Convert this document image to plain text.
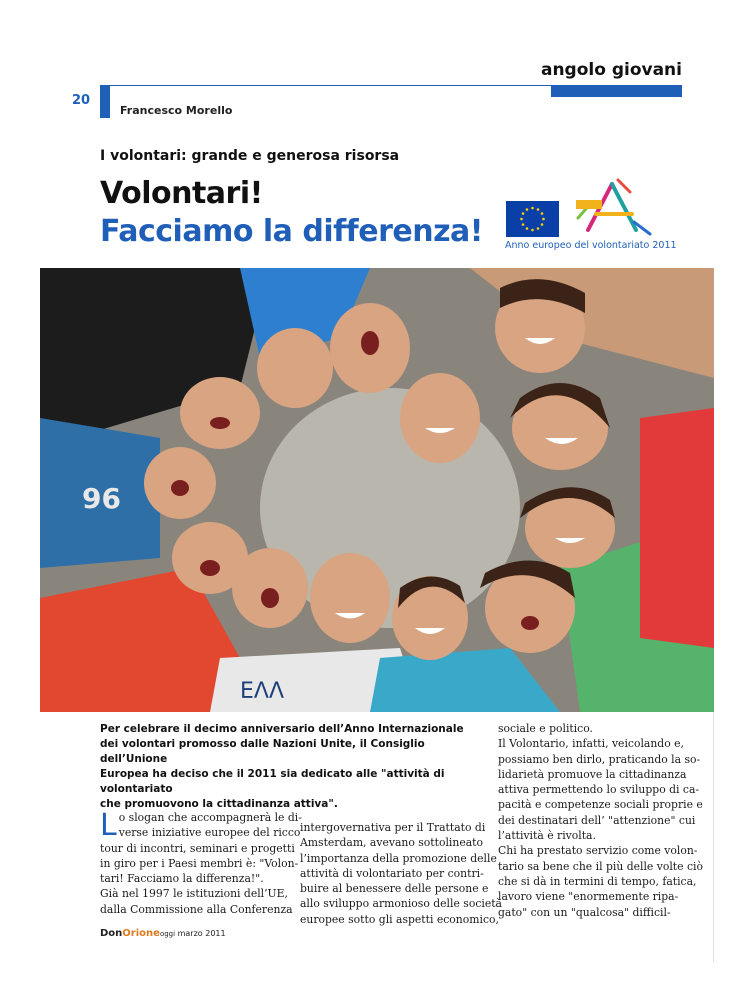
angolo giovani
20
Francesco Morello
I volontari: grande e generosa risorsa
Volontari!
Facciamo la differenza! Anno europeo del volontariato 2011
96
ΕΛΛ
Per celebrare il decimo anniversario dell’Anno Internazionale
dei volontari promosso dalle Nazioni Unite, il Consiglio dell’Unione
Europea ha deciso che il 2011 sia dedicato alle "attività di volontariato
che promuovono la cittadinanza attiva".
L o slogan che accompagnerà le di-
verse iniziative europee del ricco
tour di incontri, seminari e progetti
in giro per i Paesi membri è: "Volon-
tari! Facciamo la differenza!".
Già nel 1997 le istituzioni dell’UE,
dalla Commissione alla Conferenza
intergovernativa per il Trattato di
Amsterdam, avevano sottolineato
l’importanza della promozione delle
attività di volontariato per contri-
buire al benessere delle persone e
allo sviluppo armonioso delle società
europee sotto gli aspetti economico,
sociale e politico.
Il Volontario, infatti, veicolando e,
possiamo ben dirlo, praticando la so-
lidarietà promuove la cittadinanza
attiva permettendo lo sviluppo di ca-
pacità e competenze sociali proprie e
dei destinatari dell’ "attenzione" cui
l’attività è rivolta.
Chi ha prestato servizio come volon-
tario sa bene che il più delle volte ciò
che si dà in termini di tempo, fatica,
lavoro viene "enormemente ripa-
gato" con un "qualcosa" difficil-
DonOrioneoggi marzo 2011
